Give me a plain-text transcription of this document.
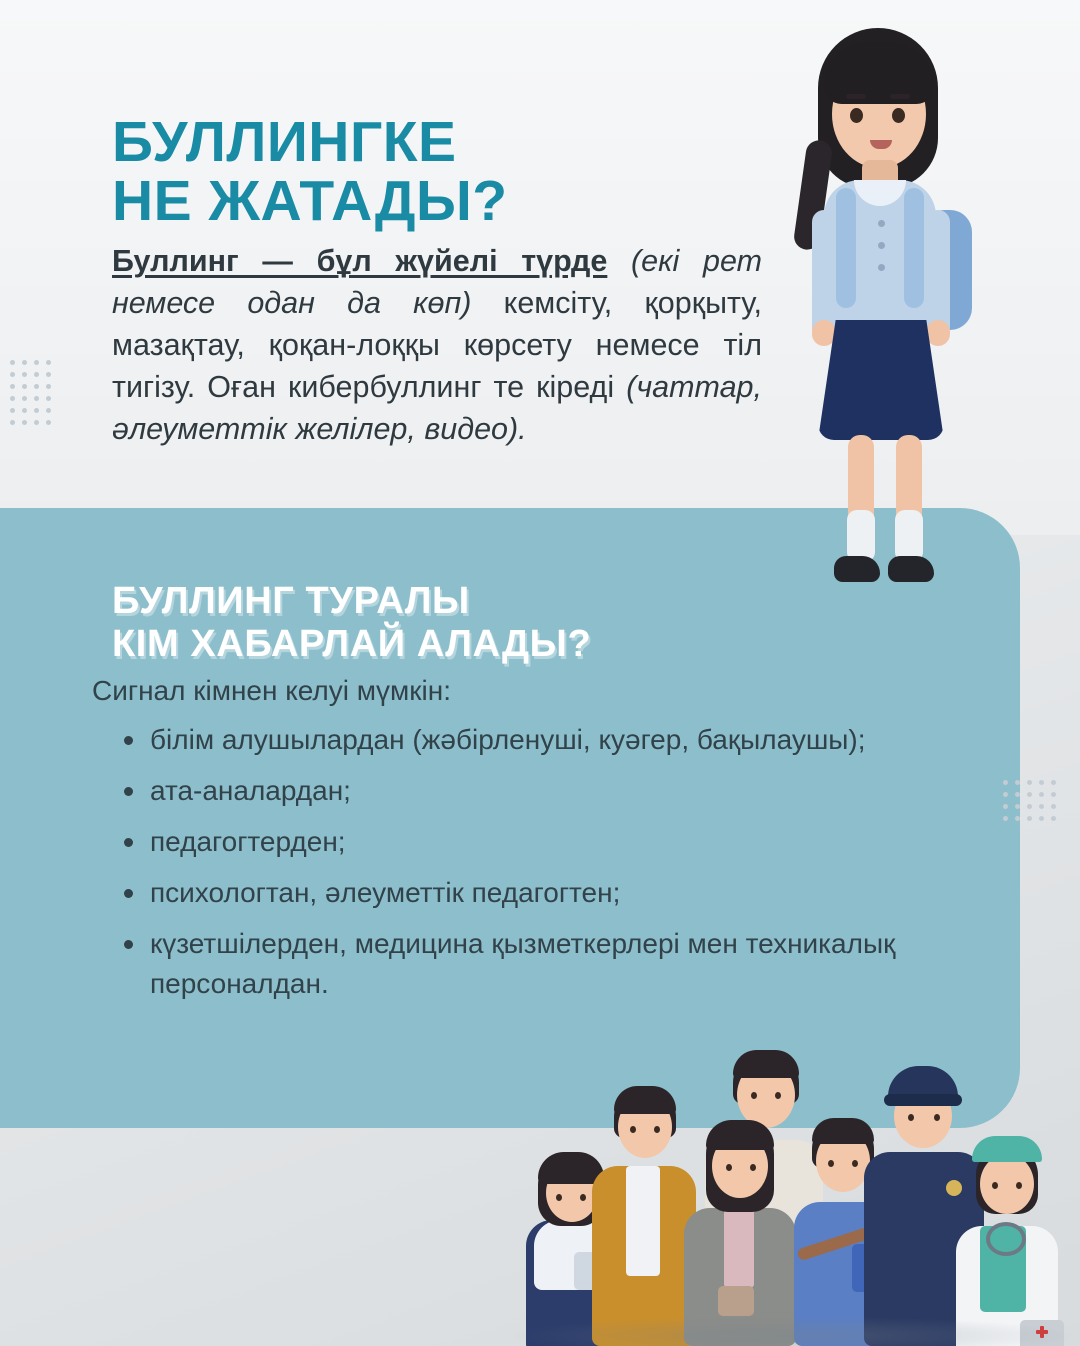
БУЛЛИНГКЕ
НЕ ЖАТАДЫ?

Буллинг — бұл жүйелі түрде (екі рет немесе одан да көп) кемсіту, қорқыту, мазақтау, қоқан-лоққы көрсету немесе тіл тигізу. Оған кибербуллинг те кіреді (чаттар, әлеуметтік желілер, видео).

БУЛЛИНГ ТУРАЛЫ
КІМ ХАБАРЛАЙ АЛАДЫ?
Сигнал кімнен келуі мүмкін:
білім алушылардан (жәбірленуші, куәгер, бақылаушы);
ата-аналардан;
педагогтерден;
психологтан, әлеуметтік педагогтен;
күзетшілерден, медицина қызметкерлері мен техникалық персоналдан.
